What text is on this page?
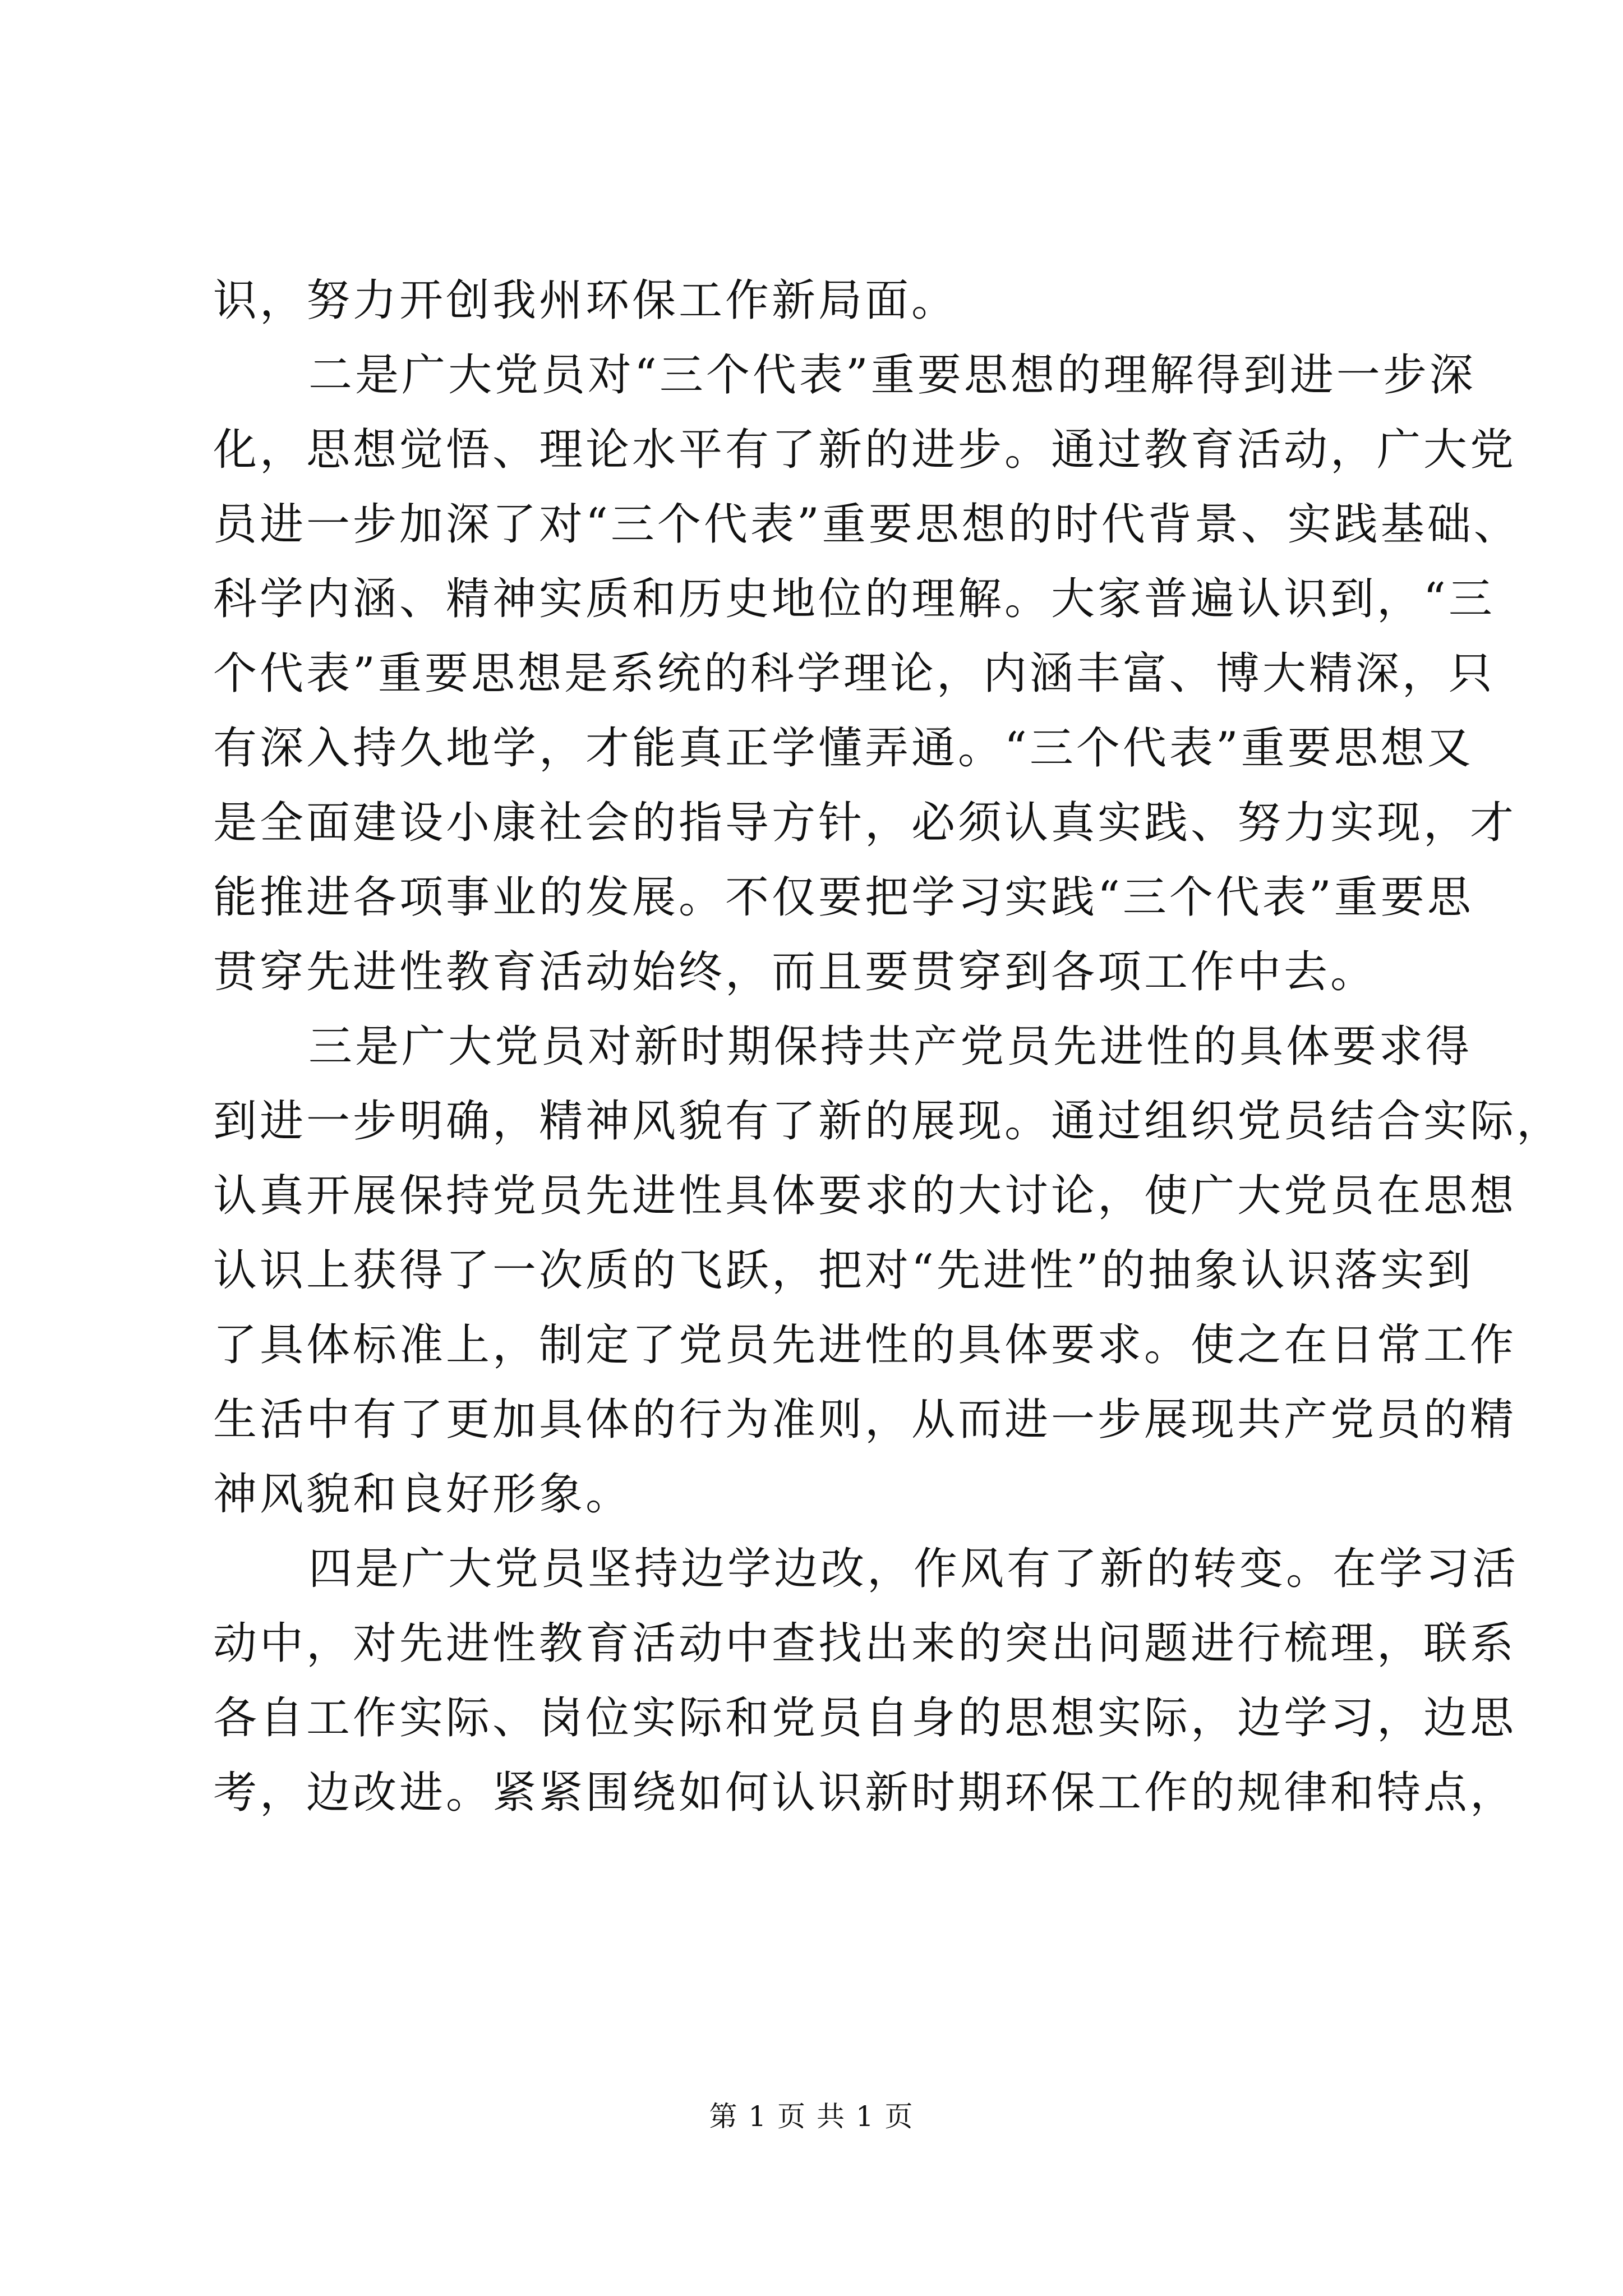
识，努力开创我州环保工作新局面。
二是广大党员对“三个代表”重要思想的理解得到进一步深
化，思想觉悟、理论水平有了新的进步。通过教育活动，广大党
员进一步加深了对“三个代表”重要思想的时代背景、实践基础、
科学内涵、精神实质和历史地位的理解。大家普遍认识到，“三
个代表”重要思想是系统的科学理论，内涵丰富、博大精深，只
有深入持久地学，才能真正学懂弄通。“三个代表”重要思想又
是全面建设小康社会的指导方针，必须认真实践、努力实现，才
能推进各项事业的发展。不仅要把学习实践“三个代表”重要思
贯穿先进性教育活动始终，而且要贯穿到各项工作中去。
三是广大党员对新时期保持共产党员先进性的具体要求得
到进一步明确，精神风貌有了新的展现。通过组织党员结合实际，
认真开展保持党员先进性具体要求的大讨论，使广大党员在思想
认识上获得了一次质的飞跃，把对“先进性”的抽象认识落实到
了具体标准上，制定了党员先进性的具体要求。使之在日常工作
生活中有了更加具体的行为准则，从而进一步展现共产党员的精
神风貌和良好形象。
四是广大党员坚持边学边改，作风有了新的转变。在学习活
动中，对先进性教育活动中查找出来的突出问题进行梳理，联系
各自工作实际、岗位实际和党员自身的思想实际，边学习，边思
考，边改进。紧紧围绕如何认识新时期环保工作的规律和特点，
第 1 页 共 1 页
